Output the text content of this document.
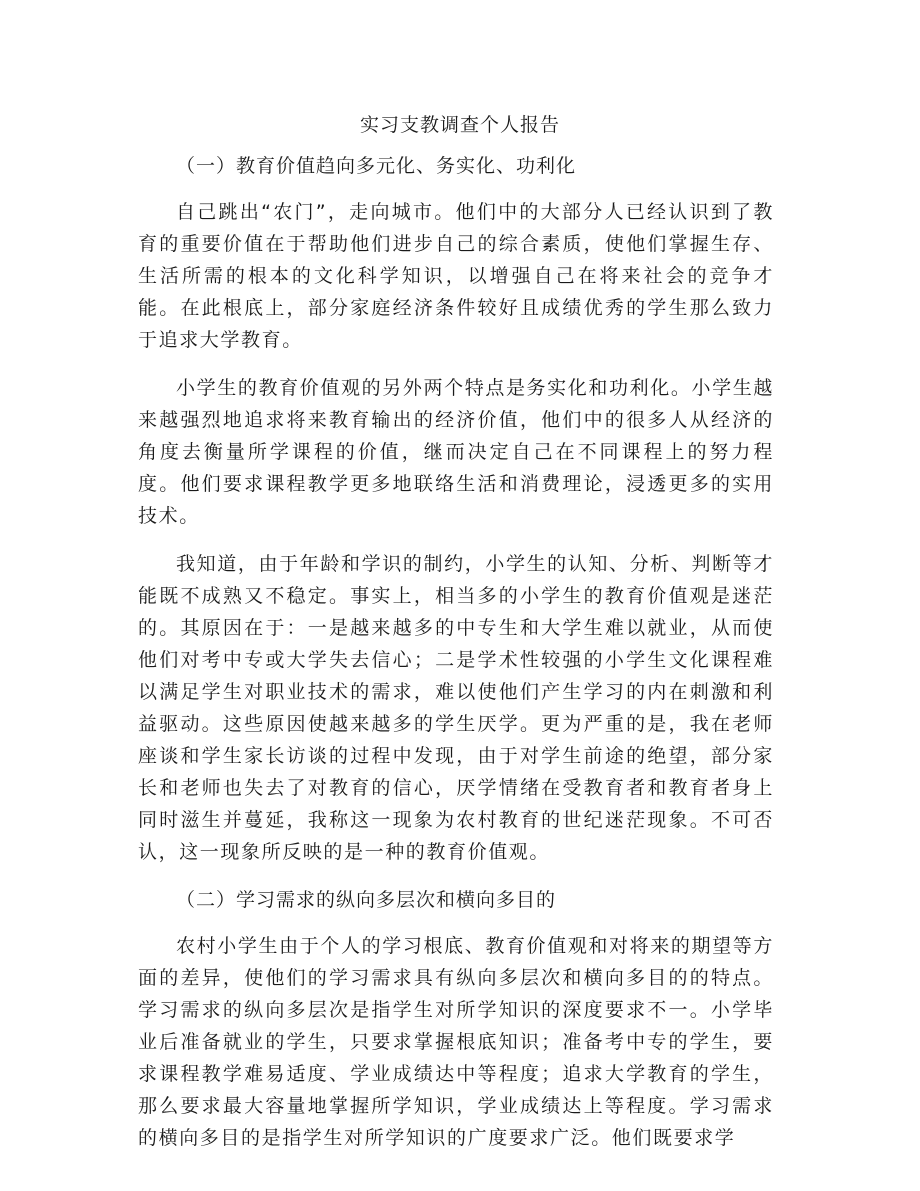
实习支教调查个人报告
（一）教育价值趋向多元化、务实化、功利化

自己跳出“农门”，走向城市。他们中的大部分人已经认识到了教育的重要价值在于帮助他们进步自己的综合素质，使他们掌握生存、生活所需的根本的文化科学知识，以增强自己在将来社会的竞争才能。在此根底上，部分家庭经济条件较好且成绩优秀的学生那么致力于追求大学教育。

小学生的教育价值观的另外两个特点是务实化和功利化。小学生越来越强烈地追求将来教育输出的经济价值，他们中的很多人从经济的角度去衡量所学课程的价值，继而决定自己在不同课程上的努力程度。他们要求课程教学更多地联络生活和消费理论，浸透更多的实用技术。

我知道，由于年龄和学识的制约，小学生的认知、分析、判断等才能既不成熟又不稳定。事实上，相当多的小学生的教育价值观是迷茫的。其原因在于：一是越来越多的中专生和大学生难以就业，从而使他们对考中专或大学失去信心；二是学术性较强的小学生文化课程难以满足学生对职业技术的需求，难以使他们产生学习的内在刺激和利益驱动。这些原因使越来越多的学生厌学。更为严重的是，我在老师座谈和学生家长访谈的过程中发现，由于对学生前途的绝望，部分家长和老师也失去了对教育的信心，厌学情绪在受教育者和教育者身上同时滋生并蔓延，我称这一现象为农村教育的世纪迷茫现象。不可否认，这一现象所反映的是一种的教育价值观。

（二）学习需求的纵向多层次和横向多目的

农村小学生由于个人的学习根底、教育价值观和对将来的期望等方面的差异，使他们的学习需求具有纵向多层次和横向多目的的特点。学习需求的纵向多层次是指学生对所学知识的深度要求不一。小学毕业后准备就业的学生，只要求掌握根底知识；准备考中专的学生，要求课程教学难易适度、学业成绩达中等程度；追求大学教育的学生，那么要求最大容量地掌握所学知识，学业成绩达上等程度。学习需求的横向多目的是指学生对所学知识的广度要求广泛。他们既要求学
